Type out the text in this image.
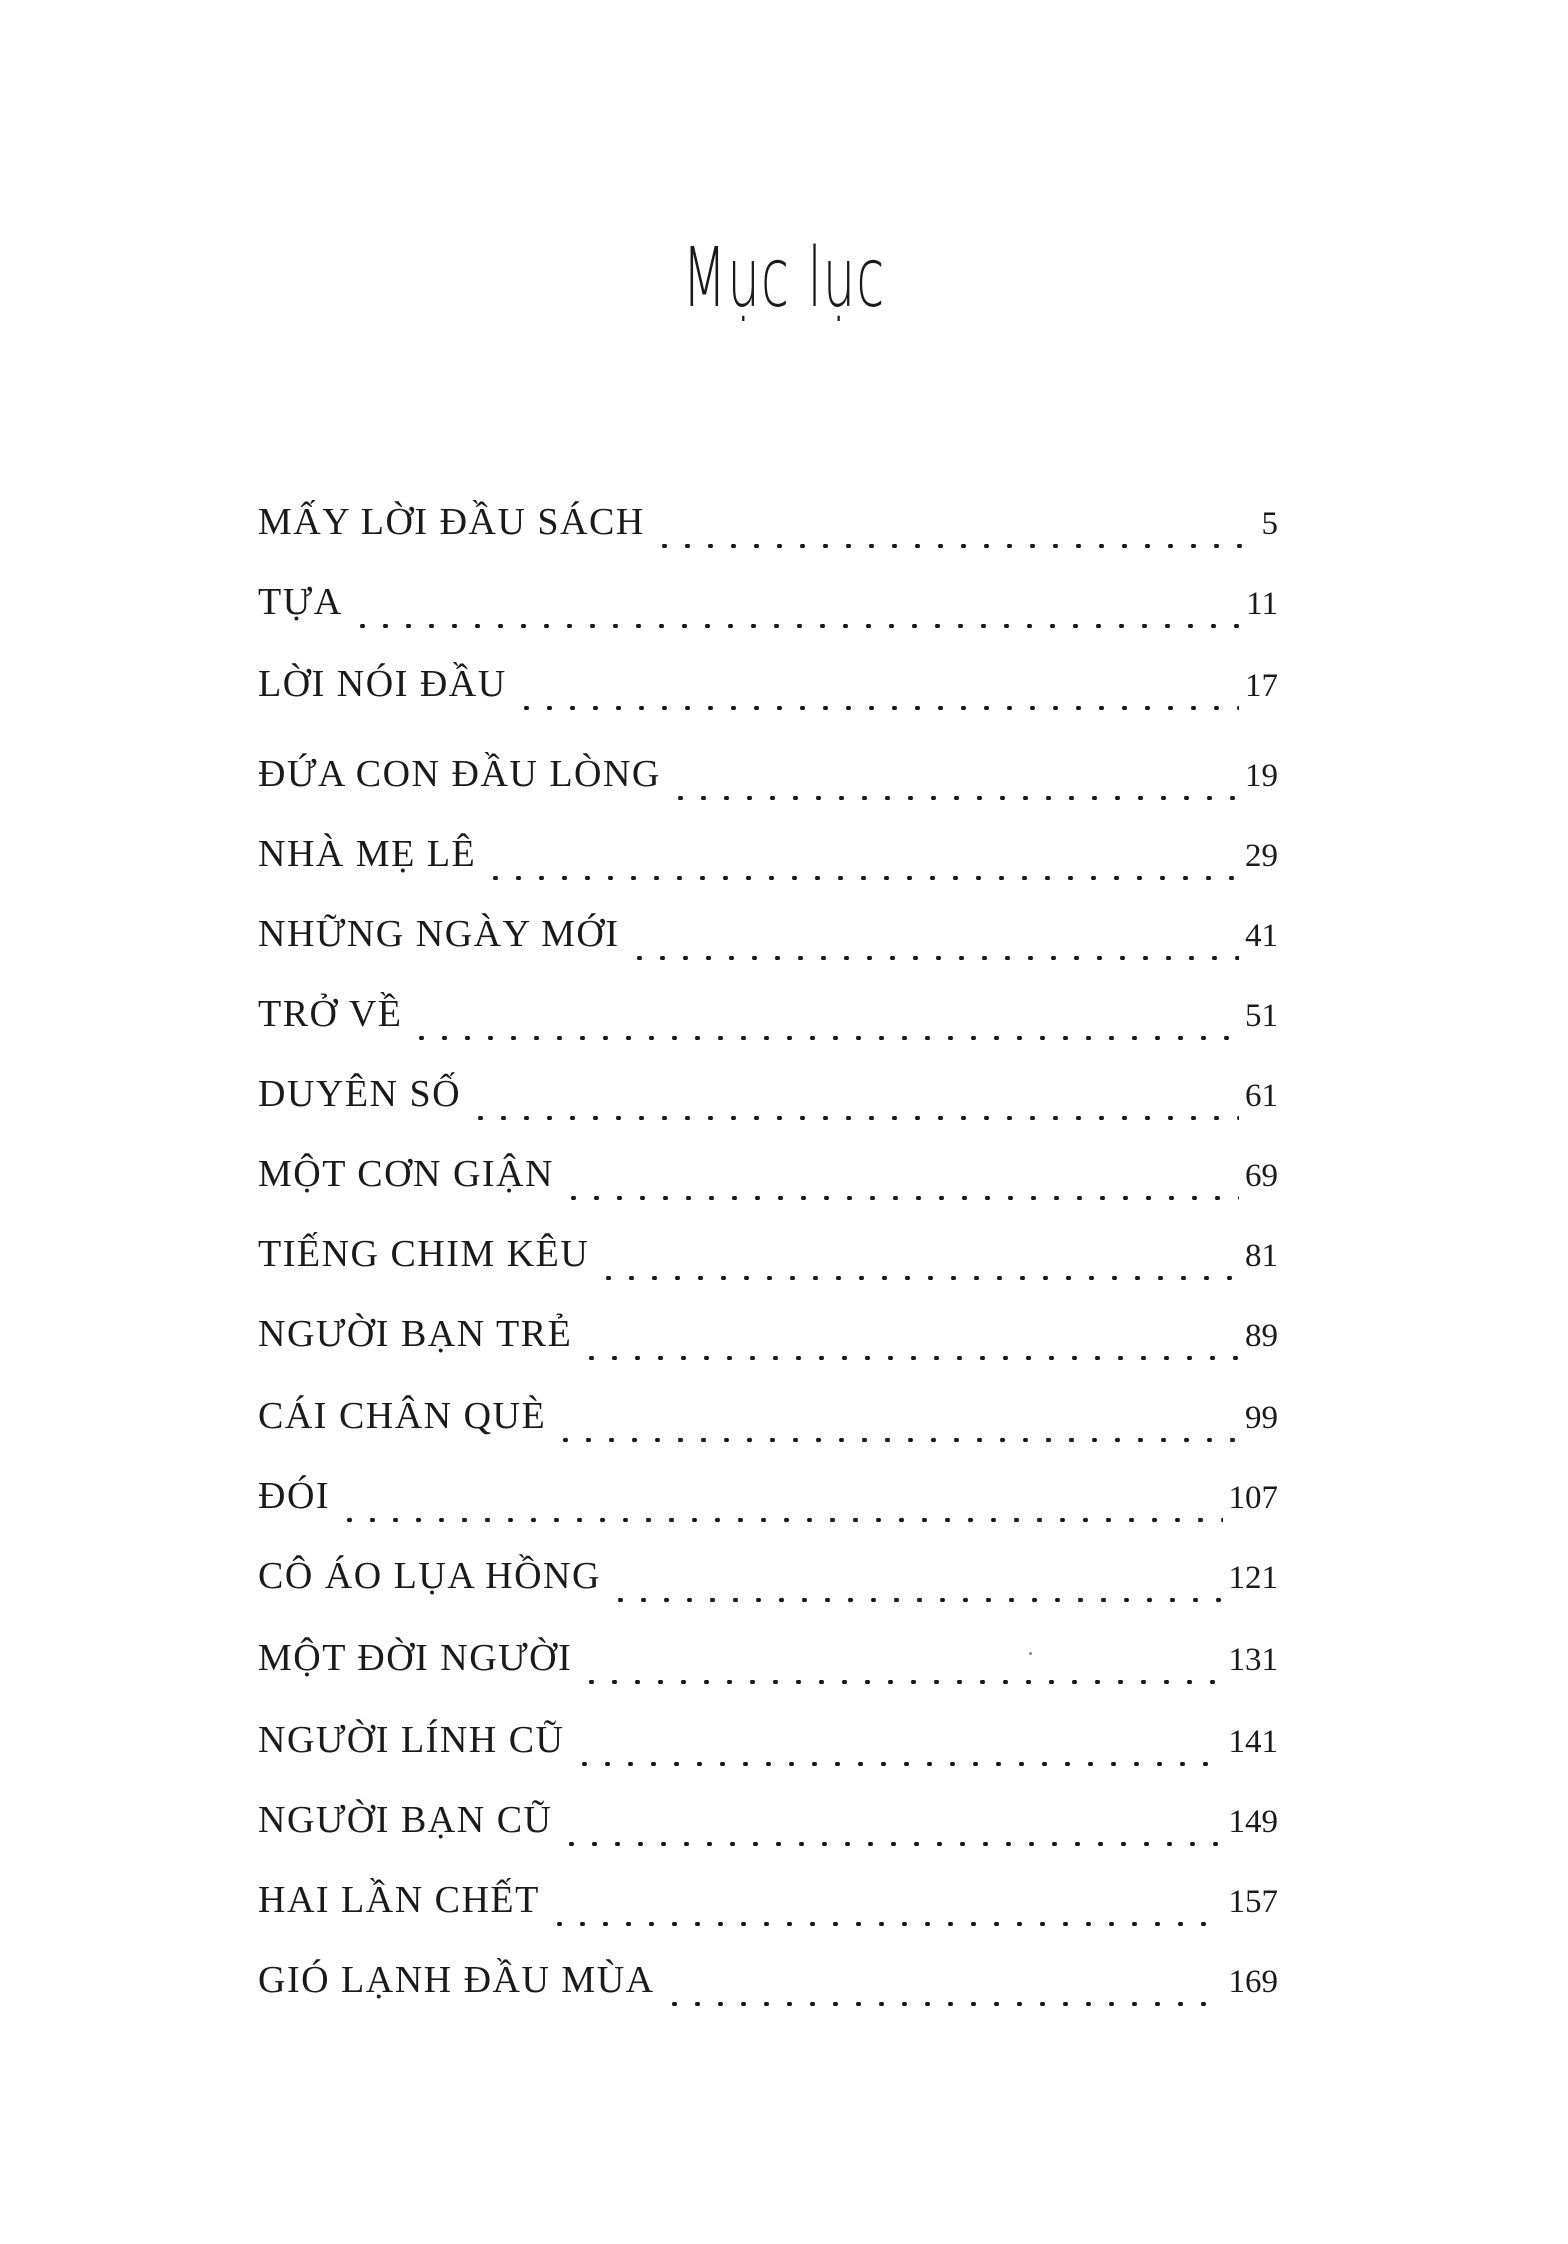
Mục lục
MẤY LỜI ĐẦU SÁCH	5
TỰA	11
LỜI NÓI ĐẦU	17
ĐỨA CON ĐẦU LÒNG	19
NHÀ MẸ LÊ	29
NHỮNG NGÀY MỚI	41
TRỞ VỀ	51
DUYÊN SỐ	61
MỘT CƠN GIẬN	69
TIẾNG CHIM KÊU	81
NGƯỜI BẠN TRẺ	89
CÁI CHÂN QUÈ	99
ĐÓI	107
CÔ ÁO LỤA HỒNG	121
MỘT ĐỜI NGƯỜI	131
NGƯỜI LÍNH CŨ	141
NGƯỜI BẠN CŨ	149
HAI LẦN CHẾT	157
GIÓ LẠNH ĐẦU MÙA	169
